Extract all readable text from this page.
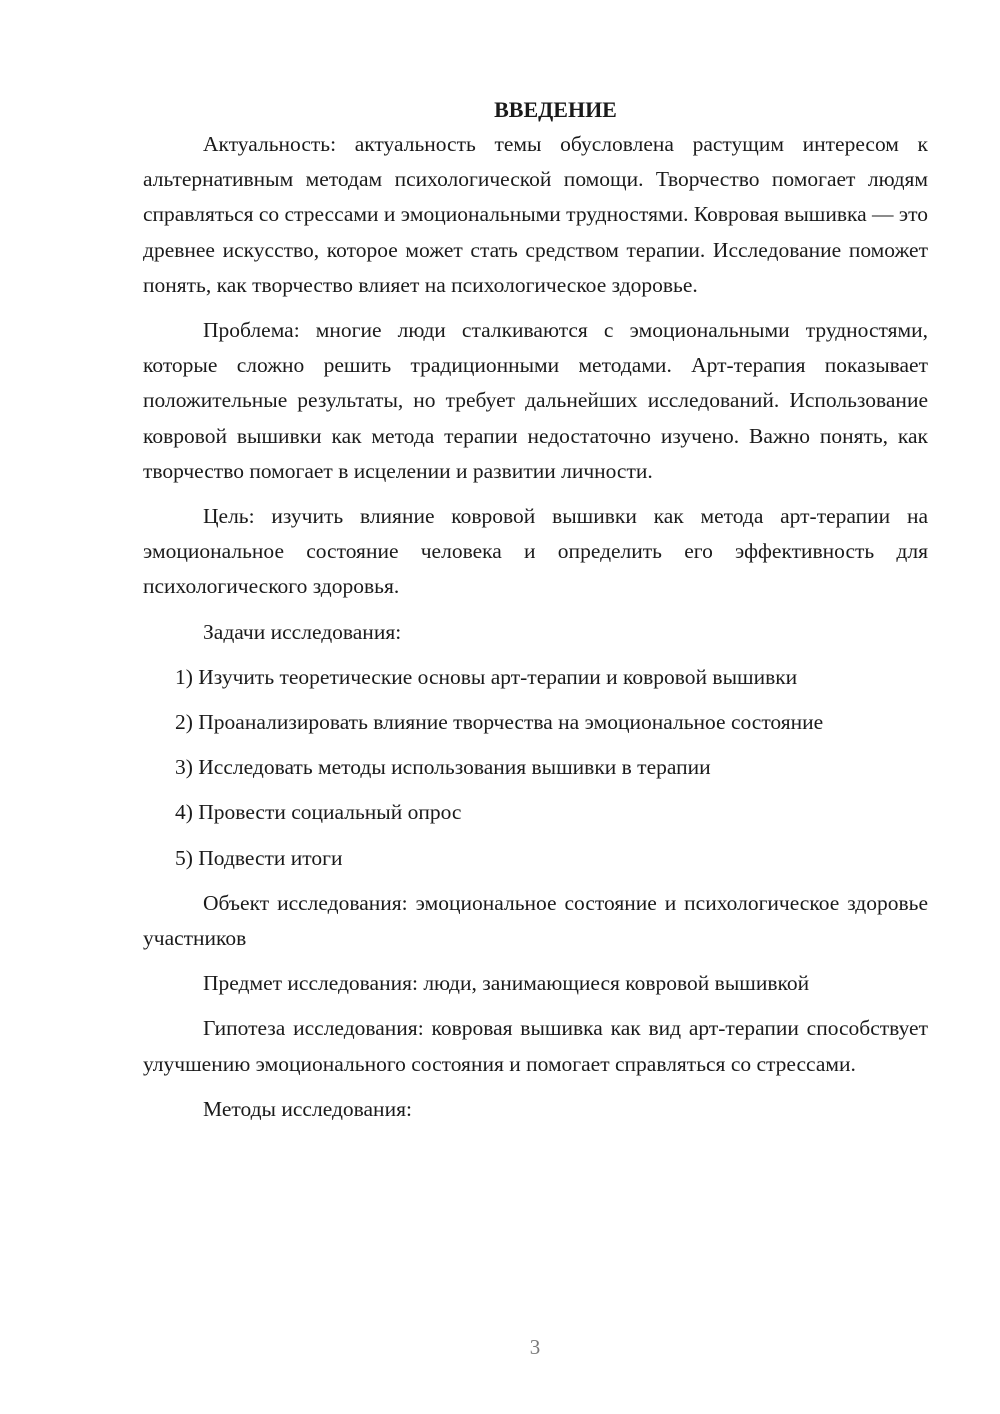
ВВЕДЕНИЕ

Актуальность: актуальность темы обусловлена растущим интересом к альтернативным методам психологической помощи. Творчество помогает людям справляться со стрессами и эмоциональными трудностями. Ковровая вышивка — это древнее искусство, которое может стать средством терапии. Исследование поможет понять, как творчество влияет на психологическое здоровье.

Проблема: многие люди сталкиваются с эмоциональными трудностями, которые сложно решить традиционными методами. Арт-терапия показывает положительные результаты, но требует дальнейших исследований. Использование ковровой вышивки как метода терапии недостаточно изучено. Важно понять, как творчество помогает в исцелении и развитии личности.

Цель: изучить влияние ковровой вышивки как метода арт-терапии на эмоциональное состояние человека и определить его эффективность для психологического здоровья.

Задачи исследования:

1) Изучить теоретические основы арт-терапии и ковровой вышивки

2) Проанализировать влияние творчества на эмоциональное состояние

3) Исследовать методы использования вышивки в терапии

4) Провести социальный опрос

5) Подвести итоги

Объект исследования: эмоциональное состояние и психологическое здоровье участников

Предмет исследования: люди, занимающиеся ковровой вышивкой

Гипотеза исследования: ковровая вышивка как вид арт-терапии способствует улучшению эмоционального состояния и помогает справляться со стрессами.

Методы исследования:

3
